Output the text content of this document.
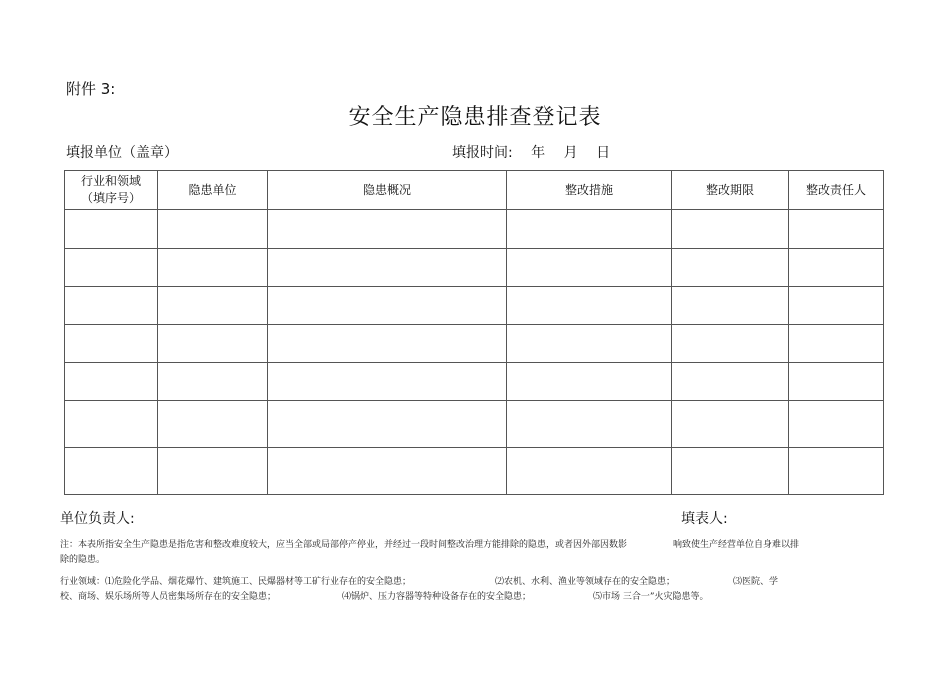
附件 3:
安全生产隐患排查登记表
填报单位（盖章）	填报时间: 年 月 日
行业和领域
（填序号）	隐患单位	隐患概况	整改措施	整改期限	整改责任人

单位负责人:	填表人:
注：本表所指安全生产隐患是指危害和整改难度较大，应当全部或局部停产停业，并经过一段时间整改治理方能排除的隐患，或者因外部因数影	响致使生产经营单位自身难以排
除的隐患。
行业领域：⑴危险化学品、烟花爆竹、建筑施工、民爆器材等工矿行业存在的安全隐患；	⑵农机、水利、渔业等领域存在的安全隐患；	⑶医院、学
校、商场、娱乐场所等人员密集场所存在的安全隐患；	⑷锅炉、压力容器等特种设备存在的安全隐患；	⑸市场 三合一”火灾隐患等。
